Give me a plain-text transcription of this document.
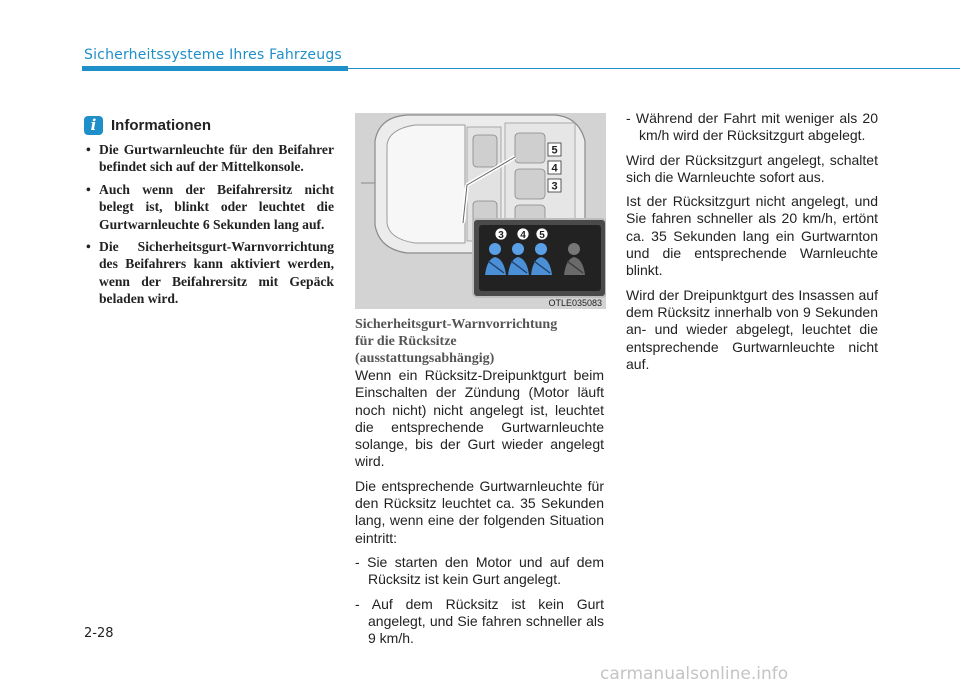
Sicherheitssysteme Ihres Fahrzeugs
i Informationen
• Die Gurtwarnleuchte für den Beifahrer befindet sich auf der Mittelkonsole.
• Auch wenn der Beifahrersitz nicht belegt ist, blinkt oder leuchtet die Gurtwarnleuchte 6 Sekunden lang auf.
• Die Sicherheitsgurt-Warnvorrichtung des Beifahrers kann aktiviert werden, wenn der Beifahrersitz mit Gepäck beladen wird.
5
4
3
3 4 5
OTLE035083
Sicherheitsgurt-Warnvorrichtung
für die Rücksitze
(ausstattungsabhängig)

Wenn ein Rücksitz-Dreipunktgurt beim Einschalten der Zündung (Motor läuft noch nicht) nicht angelegt ist, leuchtet die entsprechende Gurtwarnleuchte solange, bis der Gurt wieder angelegt wird.

Die entsprechende Gurtwarnleuchte für den Rücksitz leuchtet ca. 35 Sekunden lang, wenn eine der folgenden Situation eintritt:

- Sie starten den Motor und auf dem Rücksitz ist kein Gurt angelegt.
- Auf dem Rücksitz ist kein Gurt angelegt, und Sie fahren schneller als 9 km/h.
- Während der Fahrt mit weniger als 20 km/h wird der Rücksitzgurt abgelegt.

Wird der Rücksitzgurt angelegt, schaltet sich die Warnleuchte sofort aus.

Ist der Rücksitzgurt nicht angelegt, und Sie fahren schneller als 20 km/h, ertönt ca. 35 Sekunden lang ein Gurtwarnton und die entsprechende Warnleuchte blinkt.

Wird der Dreipunktgurt des Insassen auf dem Rücksitz innerhalb von 9 Sekunden an- und wieder abgelegt, leuchtet die entsprechende Gurtwarnleuchte nicht auf.

2-28
carmanualsonline.info
